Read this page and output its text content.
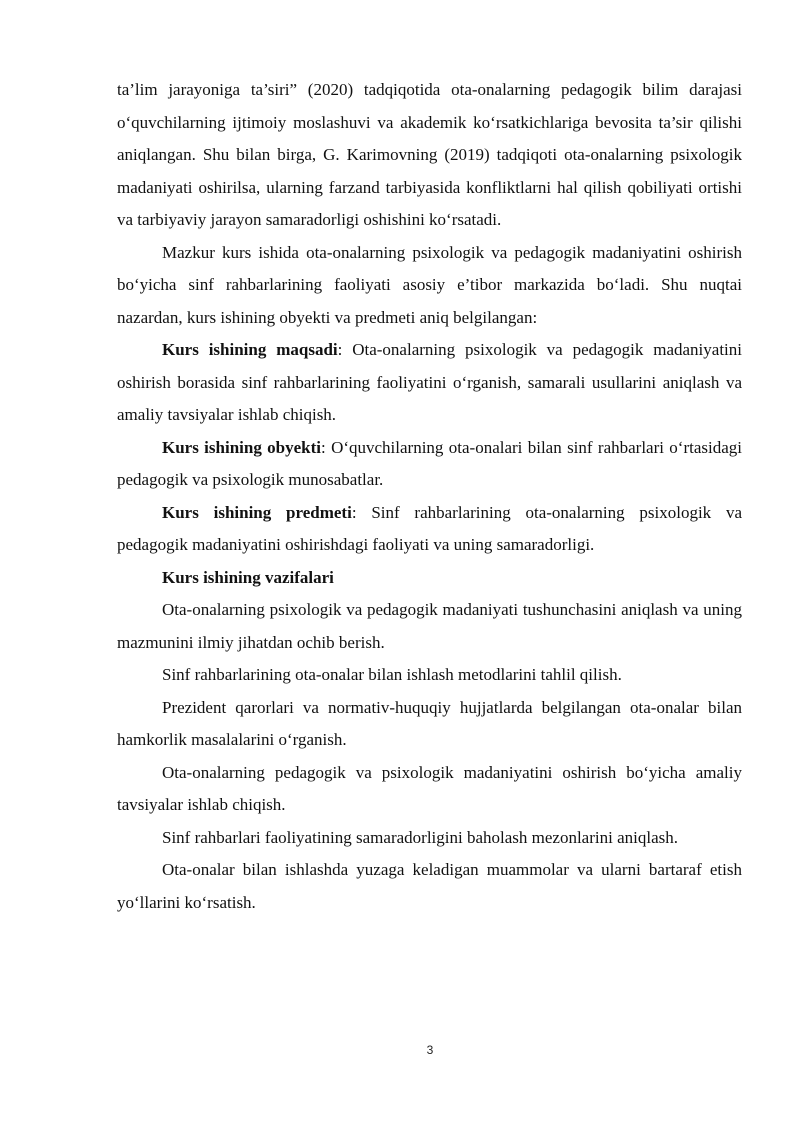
ta’lim jarayoniga ta’siri” (2020) tadqiqotida ota-onalarning pedagogik bilim darajasi o‘quvchilarning ijtimoiy moslashuvi va akademik ko‘rsatkichlariga bevosita ta’sir qilishi aniqlangan. Shu bilan birga, G. Karimovning (2019) tadqiqoti ota-onalarning psixologik madaniyati oshirilsa, ularning farzand tarbiyasida konfliktlarni hal qilish qobiliyati ortishi va tarbiyaviy jarayon samaradorligi oshishini ko‘rsatadi.

Mazkur kurs ishida ota-onalarning psixologik va pedagogik madaniyatini oshirish bo‘yicha sinf rahbarlarining faoliyati asosiy e’tibor markazida bo‘ladi. Shu nuqtai nazardan, kurs ishining obyekti va predmeti aniq belgilangan:

Kurs ishining maqsadi: Ota-onalarning psixologik va pedagogik madaniyatini oshirish borasida sinf rahbarlarining faoliyatini o‘rganish, samarali usullarini aniqlash va amaliy tavsiyalar ishlab chiqish.

Kurs ishining obyekti: O‘quvchilarning ota-onalari bilan sinf rahbarlari o‘rtasidagi pedagogik va psixologik munosabatlar.

Kurs ishining predmeti: Sinf rahbarlarining ota-onalarning psixologik va pedagogik madaniyatini oshirishdagi faoliyati va uning samaradorligi.

Kurs ishining vazifalari

Ota-onalarning psixologik va pedagogik madaniyati tushunchasini aniqlash va uning mazmunini ilmiy jihatdan ochib berish.

Sinf rahbarlarining ota-onalar bilan ishlash metodlarini tahlil qilish.

Prezident qarorlari va normativ-huquqiy hujjatlarda belgilangan ota-onalar bilan hamkorlik masalalarini o‘rganish.

Ota-onalarning pedagogik va psixologik madaniyatini oshirish bo‘yicha amaliy tavsiyalar ishlab chiqish.

Sinf rahbarlari faoliyatining samaradorligini baholash mezonlarini aniqlash.

Ota-onalar bilan ishlashda yuzaga keladigan muammolar va ularni bartaraf etish yo‘llarini ko‘rsatish.

3
